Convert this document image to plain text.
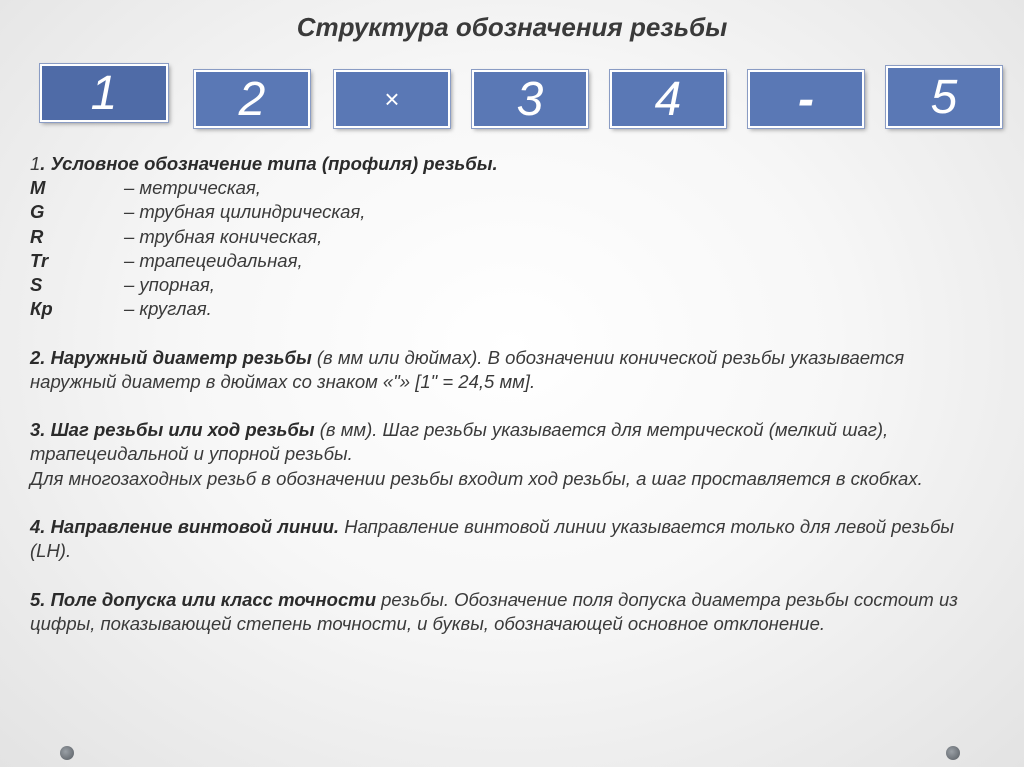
Структура обозначения резьбы
1	2	×	3	4	-	5

1. Условное обозначение типа (профиля) резьбы.

M	– метрическая,
G	– трубная цилиндрическая,
R	– трубная коническая,
Tr	– трапецеидальная,
S	– упорная,
Кр	– круглая.

2. Наружный диаметр резьбы (в мм или дюймах). В обозначении конической резьбы указывается наружный диаметр в дюймах со знаком «"» [1" = 24,5 мм].

3. Шаг резьбы или ход резьбы (в мм). Шаг резьбы указывается для метрической (мелкий шаг), трапецеидальной и упорной резьбы.

Для многозаходных резьб в обозначении резьбы входит ход резьбы, а шаг проставляется в скобках.

4. Направление винтовой линии. Направление винтовой линии указывается только для левой резьбы (LH).

5. Поле допуска или класс точности резьбы. Обозначение поля допуска диаметра резьбы состоит из цифры, показывающей степень точности, и буквы, обозначающей основное отклонение.
